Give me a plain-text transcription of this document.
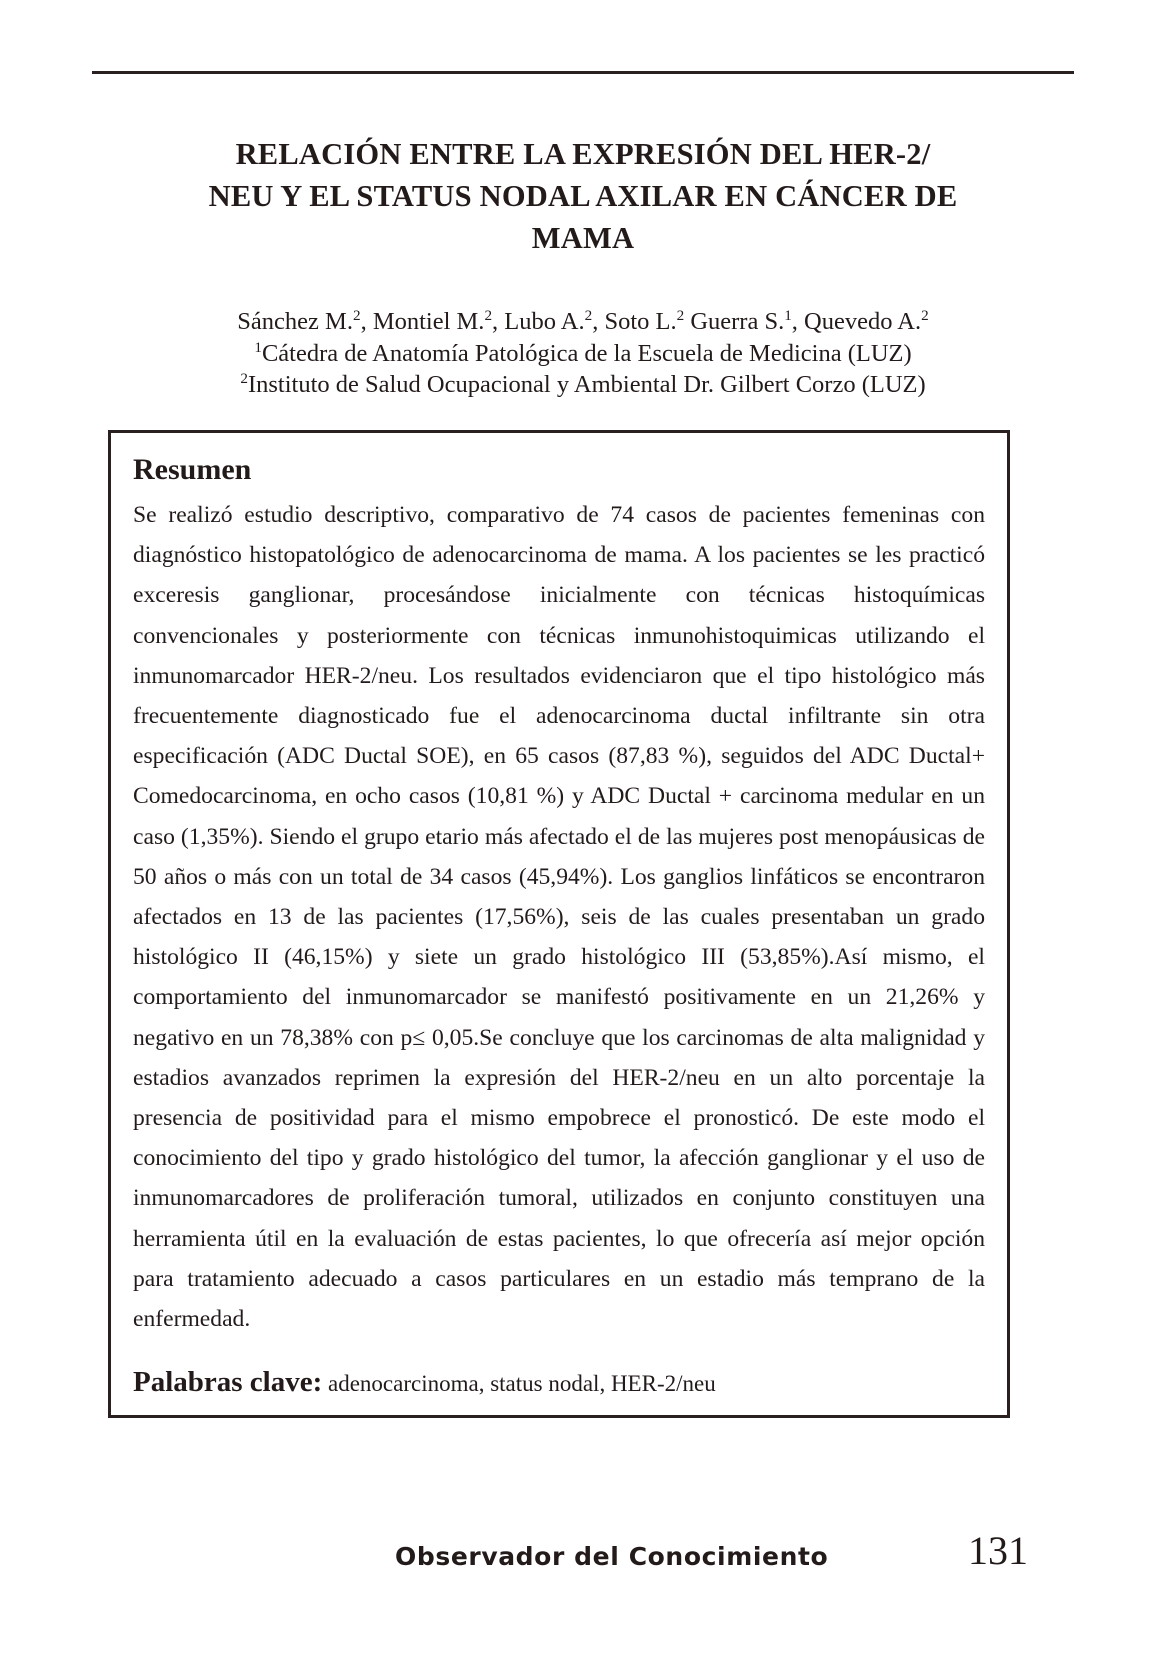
RELACIÓN ENTRE LA EXPRESIÓN DEL HER-2/
NEU Y EL STATUS NODAL AXILAR EN CÁNCER DE
MAMA
Sánchez M.$^2$, Montiel M.$^2$, Lubo A.$^2$, Soto L.$^2$ Guerra S.$^1$, Quevedo A.$^2$
$^1$Cátedra de Anatomía Patológica de la Escuela de Medicina (LUZ)
$^2$Instituto de Salud Ocupacional y Ambiental Dr. Gilbert Corzo (LUZ)
Resumen

Se realizó estudio descriptivo, comparativo de 74 casos de pacientes femeninas con diagnóstico histopatológico de adenocarcinoma de mama. A los pacientes se les practicó exceresis ganglionar, procesándose inicialmente con técnicas histoquímicas convencionales y posteriormente con técnicas inmunohistoquimicas utilizando el inmunomarcador HER-2/neu. Los resultados evidenciaron que el tipo histológico más frecuentemente diagnosticado fue el adenocarcinoma ductal infiltrante sin otra especificación (ADC Ductal SOE), en 65 casos (87,83 %), seguidos del ADC Ductal+ Comedocarcinoma, en ocho casos (10,81 %) y ADC Ductal + carcinoma medular en un caso (1,35%). Siendo el grupo etario más afectado el de las mujeres post menopáusicas de 50 años o más con un total de 34 casos (45,94%). Los ganglios linfáticos se encontraron afectados en 13 de las pacientes (17,56%), seis de las cuales presentaban un grado histológico II (46,15%) y siete un grado histológico III (53,85%).Así mismo, el comportamiento del inmunomarcador se manifestó positivamente en un 21,26% y negativo en un 78,38% con p≤ 0,05.Se concluye que los carcinomas de alta malignidad y estadios avanzados reprimen la expresión del HER-2/neu en un alto porcentaje la presencia de positividad para el mismo empobrece el pronosticó. De este modo el conocimiento del tipo y grado histológico del tumor, la afección ganglionar y el uso de inmunomarcadores de proliferación tumoral, utilizados en conjunto constituyen una herramienta útil en la evaluación de estas pacientes, lo que ofrecería así mejor opción para tratamiento adecuado a casos particulares en un estadio más temprano de la enfermedad.

Palabras clave: adenocarcinoma, status nodal, HER-2/neu
Observador del Conocimiento	131
